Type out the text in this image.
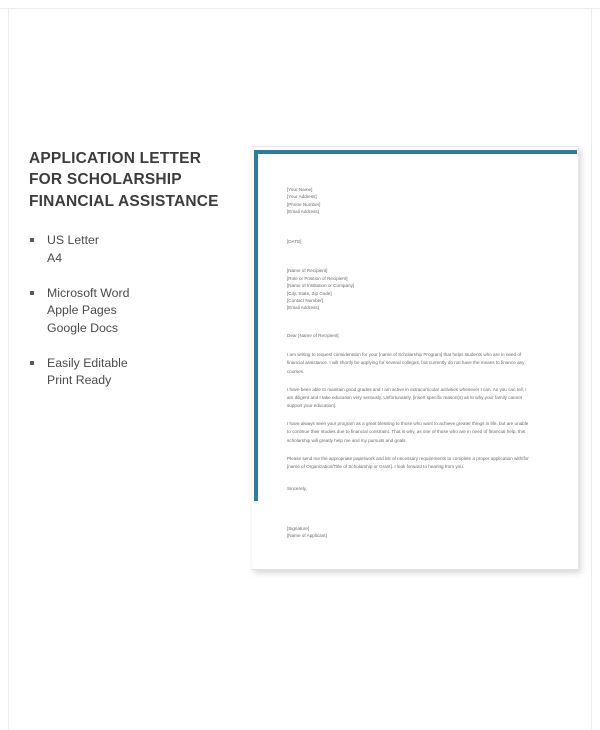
APPLICATION LETTER
FOR SCHOLARSHIP
FINANCIAL ASSISTANCE
US Letter
A4
Microsoft Word
Apple Pages
Google Docs
Easily Editable
Print Ready
[Your Name]
[Your Address]
[Phone Number]
[Email Address]
[DATE]
[Name of Recipient]
[Role or Position of Recipient]
[Name of Institution or Company]
[City, State, Zip Code]
[Contact Number]
[Email Address]
Dear [Name of Recipient]

I am writing to request consideration for your [name of Scholarship Program] that helps students who are in need of financial assistance. I will shortly be applying for several colleges, but currently do not have the means to finance any courses.

I have been able to maintain good grades and I am active in extracurricular activities whenever I can. As you can tell, I am diligent and I take education very seriously. Unfortunately, [insert specific reason(s) as to why your family cannot support your education].

I have always seen your program as a great blessing to those who want to achieve greater things in life, but are unable to continue their studies due to financial constraint. That is why, as one of those who are in need of financial help, this scholarship will greatly help me and my pursuits and goals.

Please send me the appropriate paperwork and list of necessary requirements to complete a proper application with/for [name of Organization/Title of Scholarship or Grant]. I look forward to hearing from you.

Sincerely,
[Signature]
[Name of Applicant]
